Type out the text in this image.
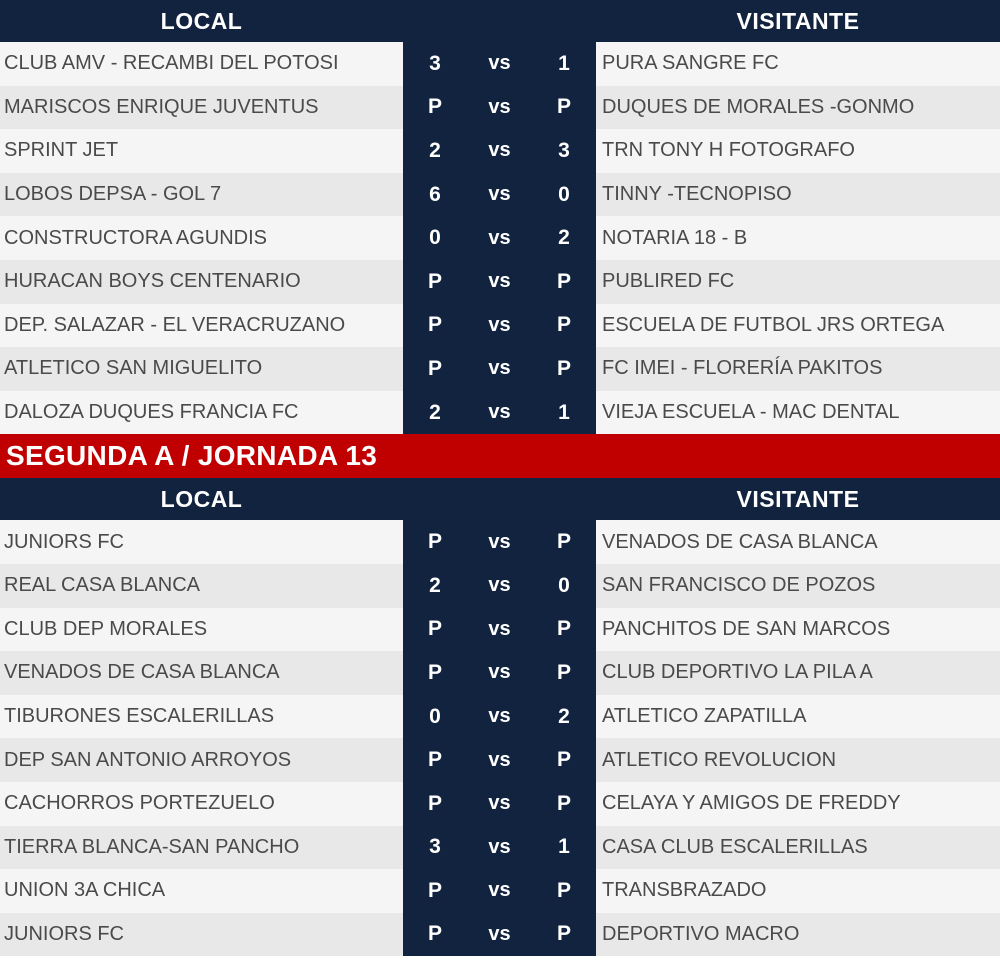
LOCAL	VISITANTE
CLUB AMV - RECAMBI DEL POTOSI	3	vs	1	PURA SANGRE FC
MARISCOS ENRIQUE JUVENTUS	P	vs	P	DUQUES DE MORALES -GONMO
SPRINT JET	2	vs	3	TRN TONY H FOTOGRAFO
LOBOS DEPSA - GOL 7	6	vs	0	TINNY -TECNOPISO
CONSTRUCTORA AGUNDIS	0	vs	2	NOTARIA 18 - B
HURACAN BOYS CENTENARIO	P	vs	P	PUBLIRED FC
DEP. SALAZAR - EL VERACRUZANO	P	vs	P	ESCUELA DE FUTBOL JRS ORTEGA
ATLETICO SAN MIGUELITO	P	vs	P	FC IMEI - FLORERÍA PAKITOS
DALOZA DUQUES FRANCIA FC	2	vs	1	VIEJA ESCUELA - MAC DENTAL
SEGUNDA A / JORNADA 13
LOCAL	VISITANTE
JUNIORS FC	P	vs	P	VENADOS DE CASA BLANCA
REAL CASA BLANCA	2	vs	0	SAN FRANCISCO DE POZOS
CLUB DEP MORALES	P	vs	P	PANCHITOS DE SAN MARCOS
VENADOS DE CASA BLANCA	P	vs	P	CLUB DEPORTIVO LA PILA A
TIBURONES ESCALERILLAS	0	vs	2	ATLETICO ZAPATILLA
DEP SAN ANTONIO ARROYOS	P	vs	P	ATLETICO REVOLUCION
CACHORROS PORTEZUELO	P	vs	P	CELAYA Y AMIGOS DE FREDDY
TIERRA BLANCA-SAN PANCHO	3	vs	1	CASA CLUB ESCALERILLAS
UNION 3A CHICA	P	vs	P	TRANSBRAZADO
JUNIORS FC	P	vs	P	DEPORTIVO MACRO
